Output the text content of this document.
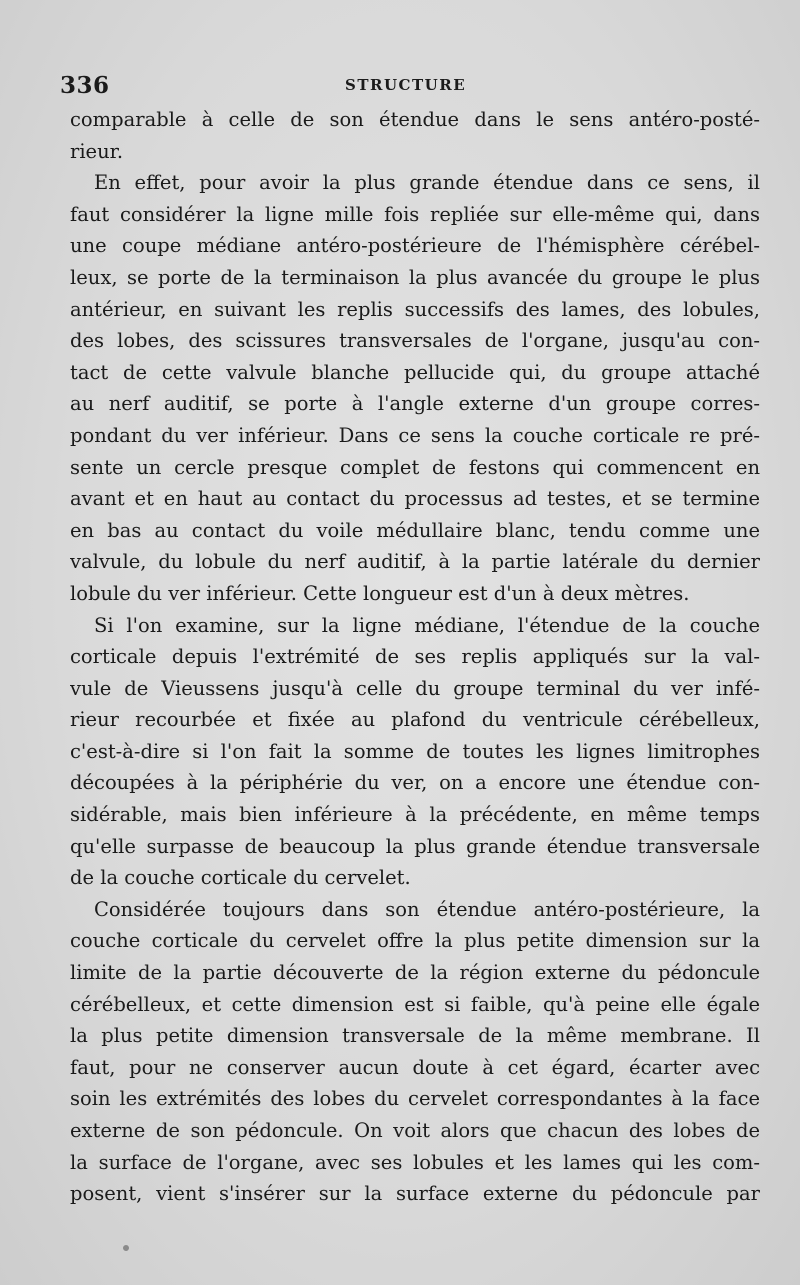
336	STRUCTURE
comparable à celle de son étendue dans le sens antéro-posté-
rieur.
En effet, pour avoir la plus grande étendue dans ce sens, il
faut considérer la ligne mille fois repliée sur elle-même qui, dans
une coupe médiane antéro-postérieure de l'hémisphère cérébel-
leux, se porte de la terminaison la plus avancée du groupe le plus
antérieur, en suivant les replis successifs des lames, des lobules,
des lobes, des scissures transversales de l'organe, jusqu'au con-
tact de cette valvule blanche pellucide qui, du groupe attaché
au nerf auditif, se porte à l'angle externe d'un groupe corres-
pondant du ver inférieur. Dans ce sens la couche corticale re pré-
sente un cercle presque complet de festons qui commencent en
avant et en haut au contact du processus ad testes, et se termine
en bas au contact du voile médullaire blanc, tendu comme une
valvule, du lobule du nerf auditif, à la partie latérale du dernier
lobule du ver inférieur. Cette longueur est d'un à deux mètres.
Si l'on examine, sur la ligne médiane, l'étendue de la couche
corticale depuis l'extrémité de ses replis appliqués sur la val-
vule de Vieussens jusqu'à celle du groupe terminal du ver infé-
rieur recourbée et fixée au plafond du ventricule cérébelleux,
c'est-à-dire si l'on fait la somme de toutes les lignes limitrophes
découpées à la périphérie du ver, on a encore une étendue con-
sidérable, mais bien inférieure à la précédente, en même temps
qu'elle surpasse de beaucoup la plus grande étendue transversale
de la couche corticale du cervelet.
Considérée toujours dans son étendue antéro-postérieure, la
couche corticale du cervelet offre la plus petite dimension sur la
limite de la partie découverte de la région externe du pédoncule
cérébelleux, et cette dimension est si faible, qu'à peine elle égale
la plus petite dimension transversale de la même membrane. Il
faut, pour ne conserver aucun doute à cet égard, écarter avec
soin les extrémités des lobes du cervelet correspondantes à la face
externe de son pédoncule. On voit alors que chacun des lobes de
la surface de l'organe, avec ses lobules et les lames qui les com-
posent, vient s'insérer sur la surface externe du pédoncule par
